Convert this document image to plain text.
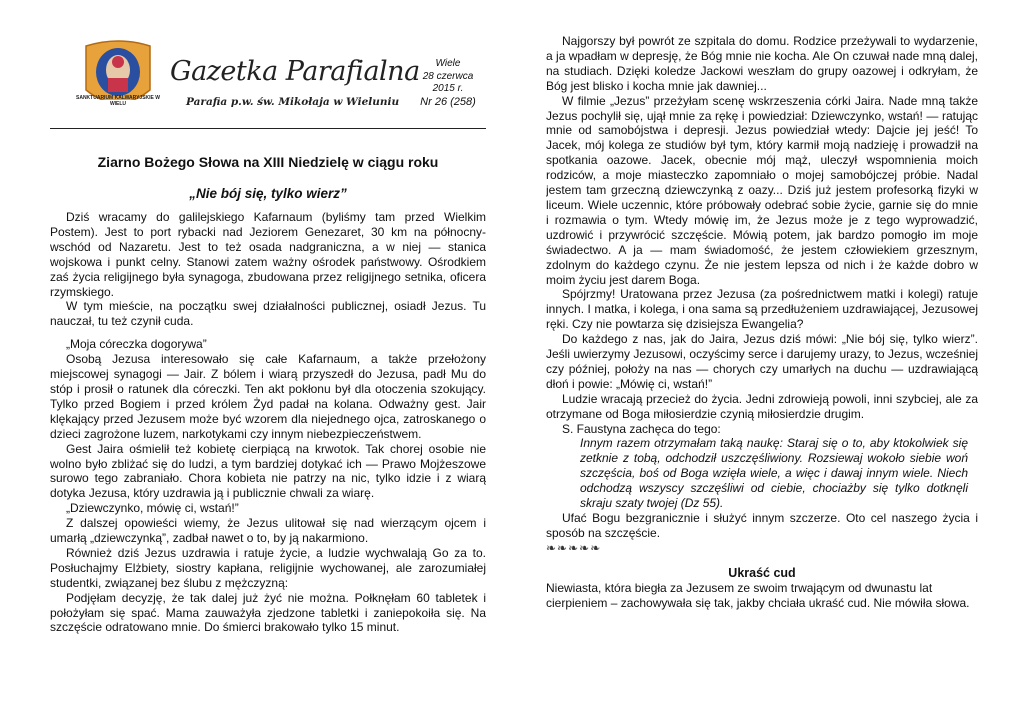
SANKTUARIUM KALWARYJSKIE W WIELU
Gazetka Parafialna
Parafia p.w. św. Mikołaja w Wieluniu
Wiele
28 czerwca
2015 r.
Nr 26 (258)
Ziarno Bożego Słowa na XIII Niedzielę w ciągu roku
„Nie bój się, tylko wierz”

Dziś wracamy do galilejskiego Kafarnaum (byliśmy tam przed Wielkim Postem). Jest to port rybacki nad Jeziorem Genezaret, 30 km na północny-wschód od Nazaretu. Jest to też osada nadgraniczna, a w niej — stanica wojskowa i punkt celny. Stanowi zatem ważny ośrodek państwowy. Ośrodkiem zaś życia religijnego była synagoga, zbudowana przez religijnego setnika, oficera rzymskiego.

W tym mieście, na początku swej działalności publicznej, osiadł Jezus. Tu nauczał, tu też czynił cuda.

„Moja córeczka dogorywa”

Osobą Jezusa interesowało się całe Kafarnaum, a także przełożony miejscowej synagogi — Jair. Z bólem i wiarą przyszedł do Jezusa, padł Mu do stóp i prosił o ratunek dla córeczki. Ten akt pokłonu był dla otoczenia szokujący. Tylko przed Bogiem i przed królem Żyd padał na kolana. Odważny gest. Jair klękający przed Jezusem może być wzorem dla niejednego ojca, zatroskanego o dzieci zagrożone luzem, narkotykami czy innym niebezpieczeństwem.

Gest Jaira ośmielił też kobietę cierpiącą na krwotok. Tak chorej osobie nie wolno było zbliżać się do ludzi, a tym bardziej dotykać ich — Prawo Mojżeszowe surowo tego zabraniało. Chora kobieta nie patrzy na nic, tylko idzie i z wiarą dotyka Jezusa, który uzdrawia ją i publicznie chwali za wiarę.

„Dziewczynko, mówię ci, wstań!”

Z dalszej opowieści wiemy, że Jezus ulitował się nad wierzącym ojcem i umarłą „dziewczynką”, zadbał nawet o to, by ją nakarmiono.

Również dziś Jezus uzdrawia i ratuje życie, a ludzie wychwalają Go za to. Posłuchajmy Elżbiety, siostry kapłana, religijnie wychowanej, ale zarozumiałej studentki, związanej bez ślubu z mężczyzną:

Podjęłam decyzję, że tak dalej już żyć nie można. Połknęłam 60 tabletek i położyłam się spać. Mama zauważyła zjedzone tabletki i zaniepokoiła się. Na szczęście odratowano mnie. Do śmierci brakowało tylko 15 minut.

Najgorszy był powrót ze szpitala do domu. Rodzice przeżywali to wydarzenie, a ja wpadłam w depresję, że Bóg mnie nie kocha. Ale On czuwał nade mną dalej, na studiach. Dzięki koledze Jackowi weszłam do grupy oazowej i odkryłam, że Bóg jest blisko i kocha mnie jak dawniej...

W filmie „Jezus” przeżyłam scenę wskrzeszenia córki Jaira. Nade mną także Jezus pochylił się, ujął mnie za rękę i powiedział: Dziewczynko, wstań! — ratując mnie od samobójstwa i depresji. Jezus powiedział wtedy: Dajcie jej jeść! To Jacek, mój kolega ze studiów był tym, który karmił moją nadzieję i prowadził na spotkania oazowe. Jacek, obecnie mój mąż, uleczył wspomnienia moich rodziców, a moje miasteczko zapomniało o mojej samobójczej próbie. Nadal jestem tam grzeczną dziewczynką z oazy... Dziś już jestem profesorką fizyki w liceum. Wiele uczennic, które próbowały odebrać sobie życie, garnie się do mnie i rozmawia o tym. Wtedy mówię im, że Jezus może je z tego wyprowadzić, uzdrowić i przywrócić szczęście. Mówią potem, jak bardzo pomogło im moje świadectwo. A ja — mam świadomość, że jestem człowiekiem grzesznym, zdolnym do każdego czynu. Że nie jestem lepsza od nich i że każde dobro w moim życiu jest darem Boga.

Spójrzmy! Uratowana przez Jezusa (za pośrednictwem matki i kolegi) ratuje innych. I matka, i kolega, i ona sama są przedłużeniem uzdrawiającej, Jezusowej ręki. Czy nie powtarza się dzisiejsza Ewangelia?

Do każdego z nas, jak do Jaira, Jezus dziś mówi: „Nie bój się, tylko wierz”. Jeśli uwierzymy Jezusowi, oczyścimy serce i darujemy urazy, to Jezus, wcześniej czy później, położy na nas — chorych czy umarłych na duchu — uzdrawiającą dłoń i powie: „Mówię ci, wstań!”

Ludzie wracają przecież do życia. Jedni zdrowieją powoli, inni szybciej, ale za otrzymane od Boga miłosierdzie czynią miłosierdzie drugim.

S. Faustyna zachęca do tego:

Innym razem otrzymałam taką naukę: Staraj się o to, aby ktokolwiek się zetknie z tobą, odchodził uszczęśliwiony. Rozsiewaj wokoło siebie woń szczęścia, boś od Boga wzięła wiele, a więc i dawaj innym wiele. Niech odchodzą wszyscy szczęśliwi od ciebie, chociażby się tylko dotknęli skraju szaty twojej (Dz 55).

Ufać Bogu bezgranicznie i służyć innym szczerze. Oto cel naszego życia i sposób na szczęście.

❧❧❧❧❧

Ukraść cud

Niewiasta, która biegła za Jezusem ze swoim trwającym od dwunastu lat cierpieniem – zachowywała się tak, jakby chciała ukraść cud. Nie mówiła słowa.
